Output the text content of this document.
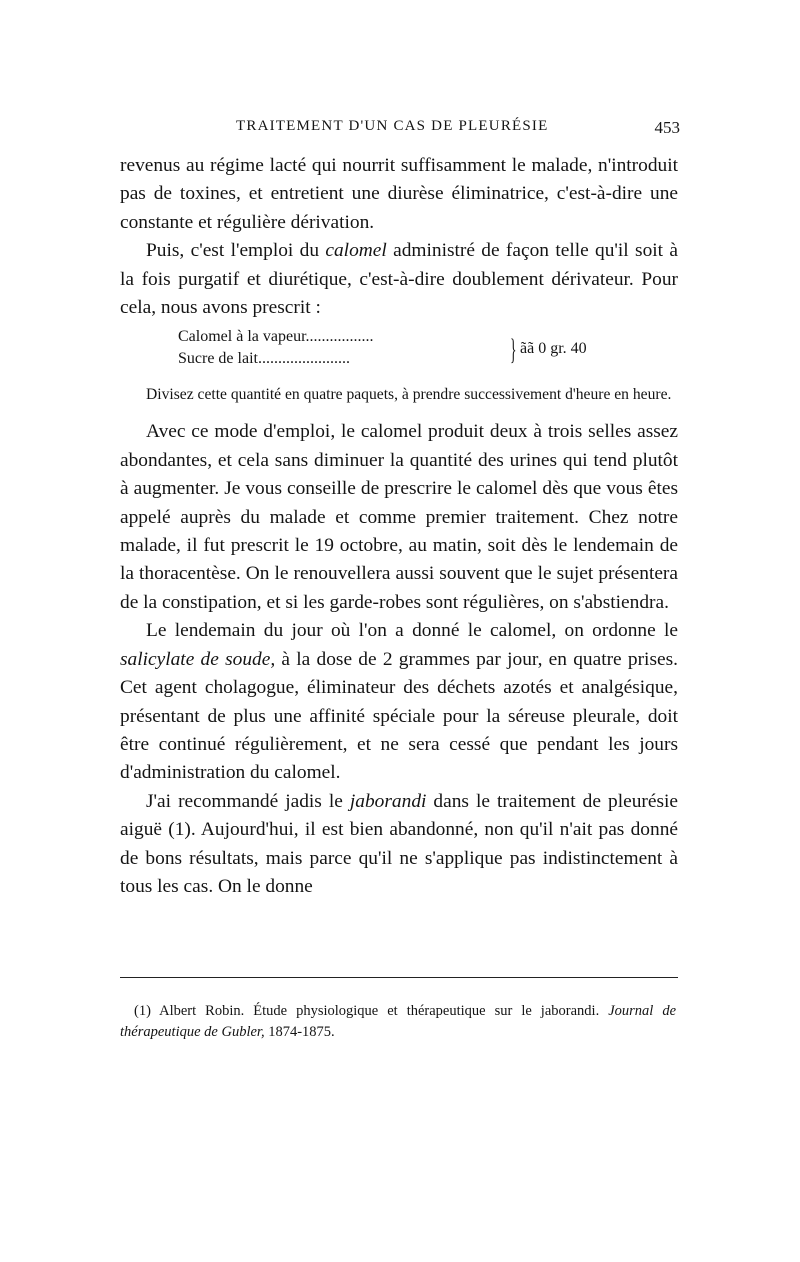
TRAITEMENT D'UN CAS DE PLEURÉSIE	453

revenus au régime lacté qui nourrit suffisamment le malade, n'introduit pas de toxines, et entretient une diurèse éliminatrice, c'est-à-dire une constante et régulière dérivation.

Puis, c'est l'emploi du calomel administré de façon telle qu'il soit à la fois purgatif et diurétique, c'est-à-dire doublement dérivateur. Pour cela, nous avons prescrit :

Calomel à la vapeur.................
Sucre de lait.......................	} ãã 0 gr. 40

Divisez cette quantité en quatre paquets, à prendre successivement d'heure en heure.

Avec ce mode d'emploi, le calomel produit deux à trois selles assez abondantes, et cela sans diminuer la quantité des urines qui tend plutôt à augmenter. Je vous conseille de prescrire le calomel dès que vous êtes appelé auprès du malade et comme premier traitement. Chez notre malade, il fut prescrit le 19 octobre, au matin, soit dès le lendemain de la thoracentèse. On le renouvellera aussi souvent que le sujet présentera de la constipation, et si les garde-robes sont régulières, on s'abstiendra.

Le lendemain du jour où l'on a donné le calomel, on ordonne le salicylate de soude, à la dose de 2 grammes par jour, en quatre prises. Cet agent cholagogue, éliminateur des déchets azotés et analgésique, présentant de plus une affinité spéciale pour la séreuse pleurale, doit être continué régulièrement, et ne sera cessé que pendant les jours d'administration du calomel.

J'ai recommandé jadis le jaborandi dans le traitement de pleurésie aiguë (1). Aujourd'hui, il est bien abandonné, non qu'il n'ait pas donné de bons résultats, mais parce qu'il ne s'applique pas indistinctement à tous les cas. On le donne

(1) Albert Robin. Étude physiologique et thérapeutique sur le jaborandi. Journal de thérapeutique de Gubler, 1874-1875.
